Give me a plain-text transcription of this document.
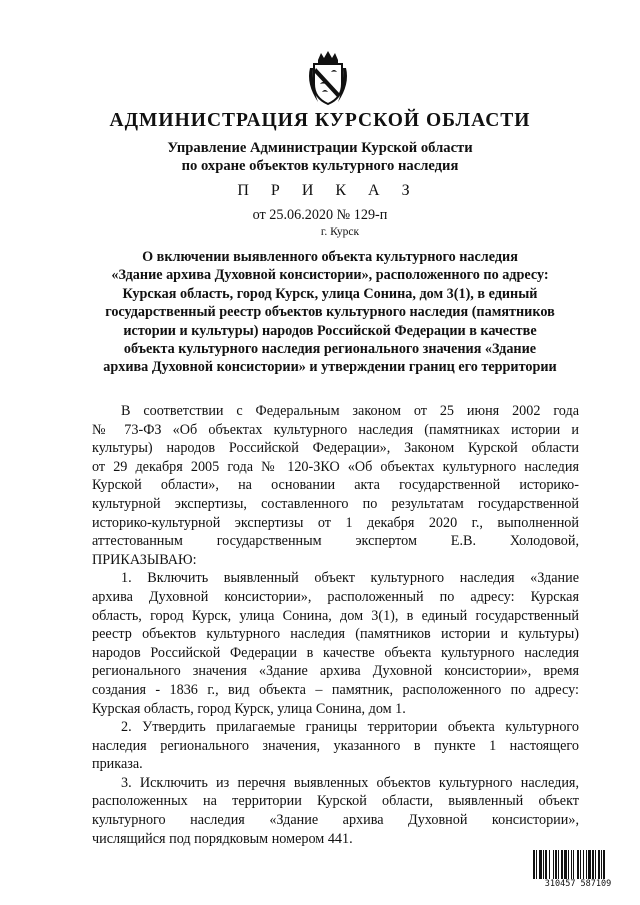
АДМИНИСТРАЦИЯ КУРСКОЙ ОБЛАСТИ
Управление Администрации Курской области
по охране объектов культурного наследия
П Р И К А З
от 25.06.2020 № 129-п
г. Курск

О включении выявленного объекта культурного наследия

«Здание архива Духовной консистории», расположенного по адресу:

Курская область, город Курск, улица Сонина, дом 3(1), в единый

государственный реестр объектов культурного наследия (памятников

истории и культуры) народов Российской Федерации в качестве

объекта культурного наследия регионального значения «Здание

архива Духовной консистории» и утверждении границ его территории

В соответствии с Федеральным законом от 25 июня 2002 года
№ 73-ФЗ «Об объектах культурного наследия (памятниках истории и
культуры) народов Российской Федерации», Законом Курской области
от 29 декабря 2005 года № 120-ЗКО «Об объектах культурного наследия
Курской области», на основании акта государственной историко-
культурной экспертизы, составленного по результатам государственной
историко-культурной экспертизы от 1 декабря 2020 г., выполненной
аттестованным государственным экспертом Е.В. Холодовой,
ПРИКАЗЫВАЮ:
1. Включить выявленный объект культурного наследия «Здание
архива Духовной консистории», расположенный по адресу: Курская
область, город Курск, улица Сонина, дом 3(1), в единый государственный
реестр объектов культурного наследия (памятников истории и культуры)
народов Российской Федерации в качестве объекта культурного наследия
регионального значения «Здание архива Духовной консистории», время
создания - 1836 г., вид объекта – памятник, расположенного по адресу:
Курская область, город Курск, улица Сонина, дом 1.
2. Утвердить прилагаемые границы территории объекта культурного
наследия регионального значения, указанного в пункте 1 настоящего
приказа.
3. Исключить из перечня выявленных объектов культурного наследия,
расположенных на территории Курской области, выявленный объект
культурного наследия «Здание архива Духовной консистории»,
числящийся под порядковым номером 441.
310457 587109
